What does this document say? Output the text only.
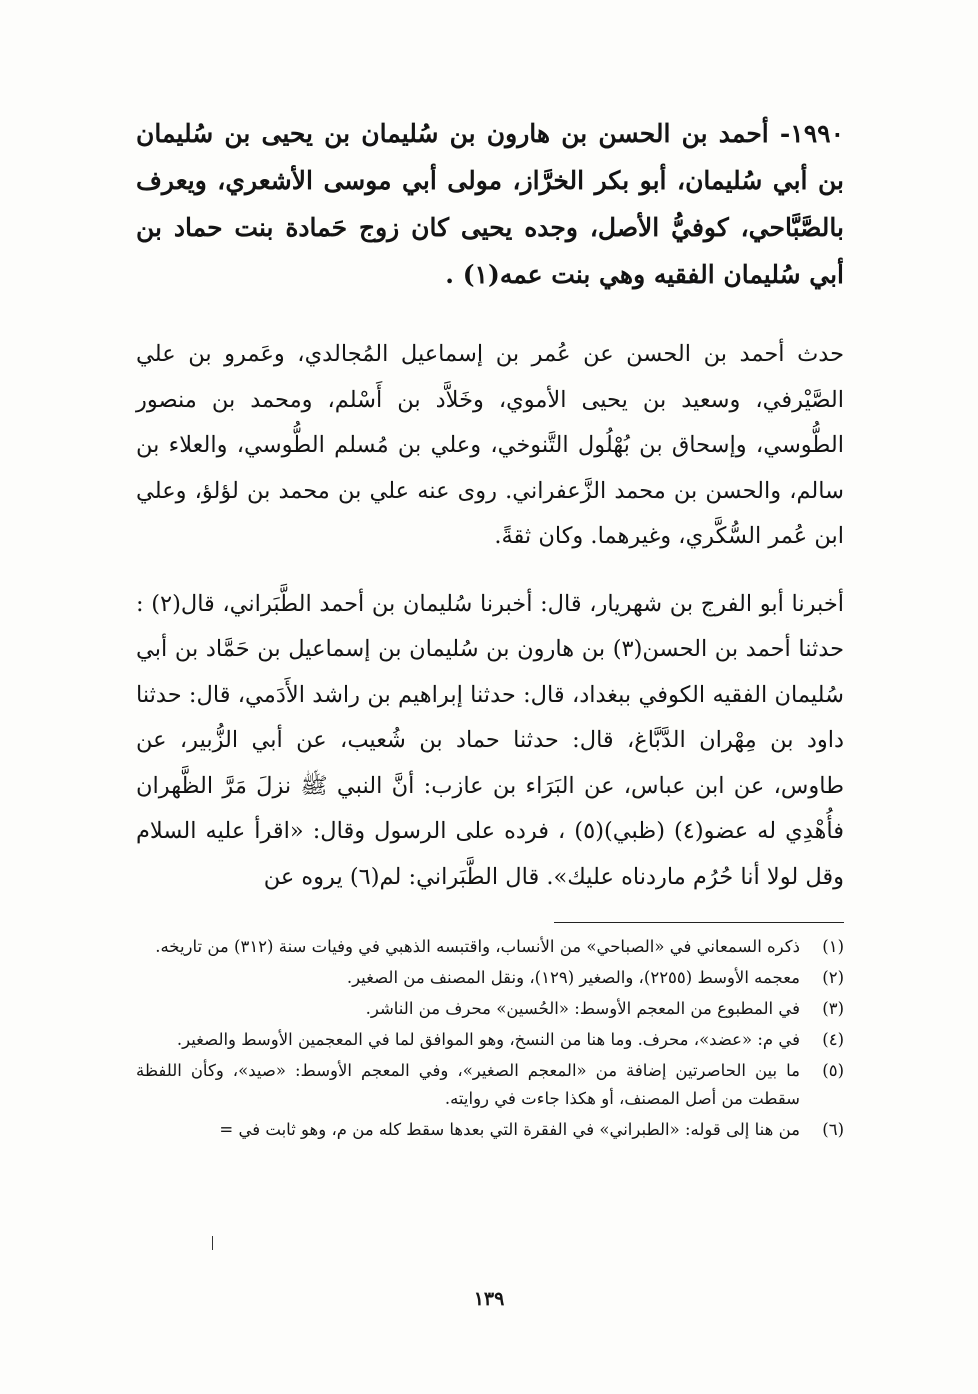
١٩٩٠- أحمد بن الحسن بن هارون بن سُليمان بن يحيى بن سُليمان بن أبي سُليمان، أبو بكر الخرَّاز، مولى أبي موسى الأشعري، ويعرف بالصَّبَّاحي، كوفيُّ الأصل، وجده يحيى كان زوج حَمادة بنت حماد بن أبي سُليمان الفقيه وهي بنت عمه(١) .

حدث أحمد بن الحسن عن عُمر بن إسماعيل المُجالدي، وعَمرو بن علي الصَّيْرفي، وسعيد بن يحيى الأموي، وخَلاَّد بن أَسْلم، ومحمد بن منصور الطُّوسي، وإسحاق بن بُهْلُول التَّنوخي، وعلي بن مُسلم الطُّوسي، والعلاء بن سالم، والحسن بن محمد الزَّعفراني. روى عنه علي بن محمد بن لؤلؤ، وعلي ابن عُمر السُّكَّري، وغيرهما. وكان ثقةً.

أخبرنا أبو الفرج بن شهريار، قال: أخبرنا سُليمان بن أحمد الطَّبَراني، قال(٢) : حدثنا أحمد بن الحسن(٣) بن هارون بن سُليمان بن إسماعيل بن حَمَّاد بن أبي سُليمان الفقيه الكوفي ببغداد، قال: حدثنا إبراهيم بن راشد الأَدَمي، قال: حدثنا داود بن مِهْران الدَّبَّاغ، قال: حدثنا حماد بن شُعيب، عن أبي الزُّبير، عن طاوس، عن ابن عباس، عن البَرَاء بن عازب: أنَّ النبي ﷺ نزلَ مَرَّ الظَّهران فأُهْدِي له عضو(٤) (ظبي)(٥) ، فرده على الرسول وقال: «اقرأ عليه السلام وقل لولا أنا حُرُم ماردناه عليك». قال الطَّبَراني: لم(٦) يروه عن

(١)
ذكره السمعاني في «الصباحي» من الأنساب، واقتبسه الذهبي في وفيات سنة (٣١٢) من تاريخه.
(٢)
معجمه الأوسط (٢٢٥٥)، والصغير (١٢٩)، ونقل المصنف من الصغير.
(٣)
في المطبوع من المعجم الأوسط: «الحُسين» محرف من الناشر.
(٤)
في م: «عضد»، محرف. وما هنا من النسخ، وهو الموافق لما في المعجمين الأوسط والصغير.
(٥)
ما بين الحاصرتين إضافة من «المعجم الصغير»، وفي المعجم الأوسط: «صيد»، وكأن اللفظة سقطت من أصل المصنف، أو هكذا جاءت في روايته.
(٦)
من هنا إلى قوله: «الطبراني» في الفقرة التي بعدها سقط كله من م، وهو ثابت في =
١٣٩
